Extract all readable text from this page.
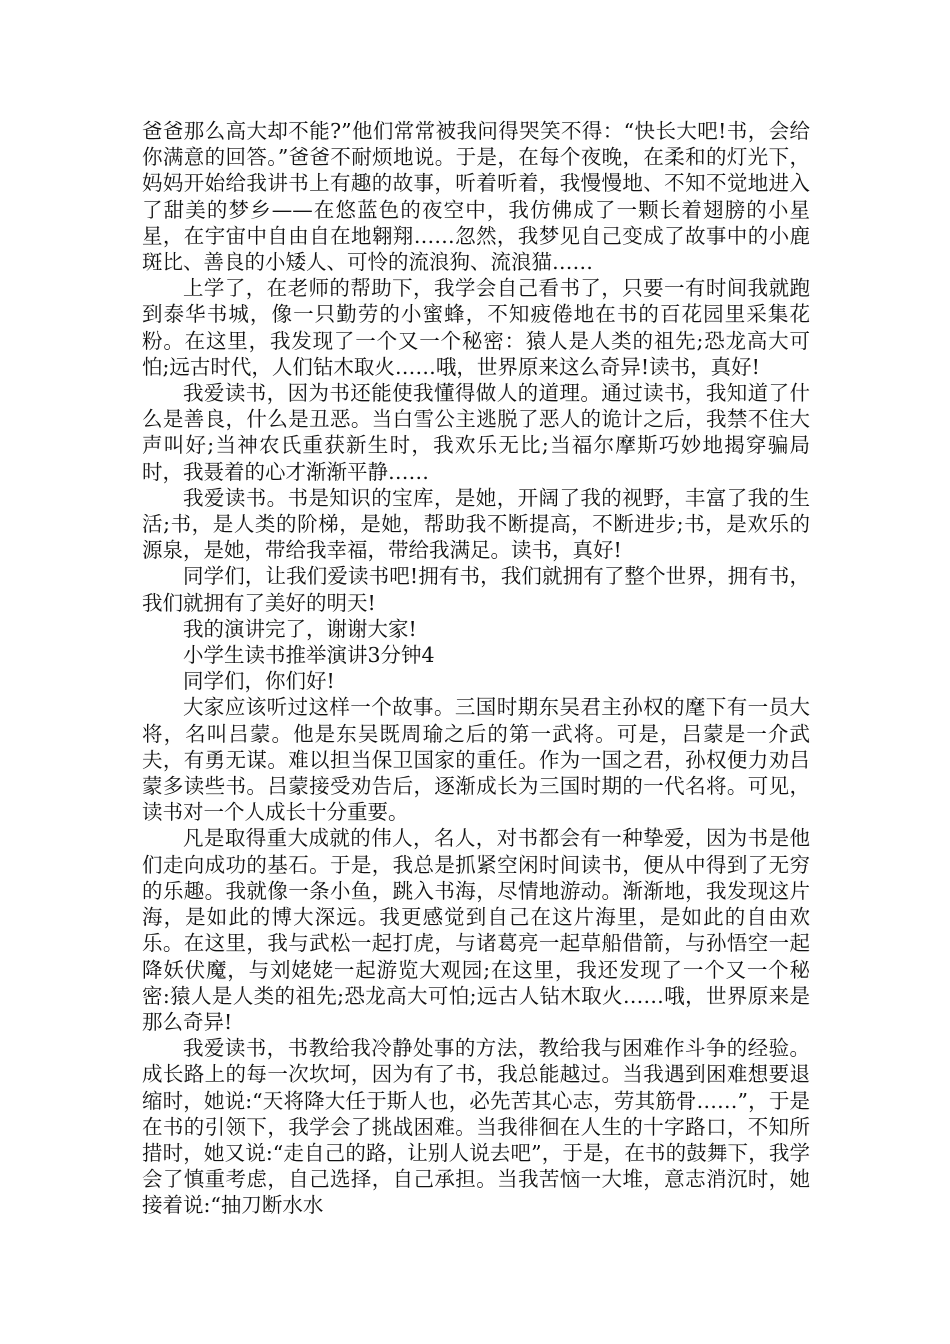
爸爸那么高大却不能?”他们常常被我问得哭笑不得：“快长大吧!书，会给你满意的回答。”爸爸不耐烦地说。于是，在每个夜晚，在柔和的灯光下，妈妈开始给我讲书上有趣的故事，听着听着，我慢慢地、不知不觉地进入了甜美的梦乡——在悠蓝色的夜空中，我仿佛成了一颗长着翅膀的小星星，在宇宙中自由自在地翱翔……忽然，我梦见自己变成了故事中的小鹿斑比、善良的小矮人、可怜的流浪狗、流浪猫……

上学了，在老师的帮助下，我学会自己看书了，只要一有时间我就跑到泰华书城，像一只勤劳的小蜜蜂，不知疲倦地在书的百花园里采集花粉。在这里，我发现了一个又一个秘密：猿人是人类的祖先;恐龙高大可怕;远古时代，人们钻木取火……哦，世界原来这么奇异!读书，真好!

我爱读书，因为书还能使我懂得做人的道理。通过读书，我知道了什么是善良，什么是丑恶。当白雪公主逃脱了恶人的诡计之后，我禁不住大声叫好;当神农氏重获新生时，我欢乐无比;当福尔摩斯巧妙地揭穿骗局时，我聂着的心才渐渐平静……

我爱读书。书是知识的宝库，是她，开阔了我的视野，丰富了我的生活;书，是人类的阶梯，是她，帮助我不断提高，不断进步;书，是欢乐的源泉，是她，带给我幸福，带给我满足。读书，真好!

同学们，让我们爱读书吧!拥有书，我们就拥有了整个世界，拥有书，我们就拥有了美好的明天!

我的演讲完了，谢谢大家!

小学生读书推举演讲3分钟4

同学们，你们好!

大家应该听过这样一个故事。三国时期东吴君主孙权的麾下有一员大将，名叫吕蒙。他是东吴既周瑜之后的第一武将。可是，吕蒙是一介武夫，有勇无谋。难以担当保卫国家的重任。作为一国之君，孙权便力劝吕蒙多读些书。吕蒙接受劝告后，逐渐成长为三国时期的一代名将。可见，读书对一个人成长十分重要。

凡是取得重大成就的伟人，名人，对书都会有一种挚爱，因为书是他们走向成功的基石。于是，我总是抓紧空闲时间读书，便从中得到了无穷的乐趣。我就像一条小鱼，跳入书海，尽情地游动。渐渐地，我发现这片海，是如此的博大深远。我更感觉到自己在这片海里，是如此的自由欢乐。在这里，我与武松一起打虎，与诸葛亮一起草船借箭，与孙悟空一起降妖伏魔，与刘姥姥一起游览大观园;在这里，我还发现了一个又一个秘密:猿人是人类的祖先;恐龙高大可怕;远古人钻木取火……哦，世界原来是那么奇异!

我爱读书，书教给我冷静处事的方法，教给我与困难作斗争的经验。成长路上的每一次坎坷，因为有了书，我总能越过。当我遇到困难想要退缩时，她说:“天将降大任于斯人也，必先苦其心志，劳其筋骨……”，于是在书的引领下，我学会了挑战困难。当我徘徊在人生的十字路口，不知所措时，她又说:“走自己的路，让别人说去吧”，于是，在书的鼓舞下，我学会了慎重考虑，自己选择，自己承担。当我苦恼一大堆，意志消沉时，她接着说:“抽刀断水水
